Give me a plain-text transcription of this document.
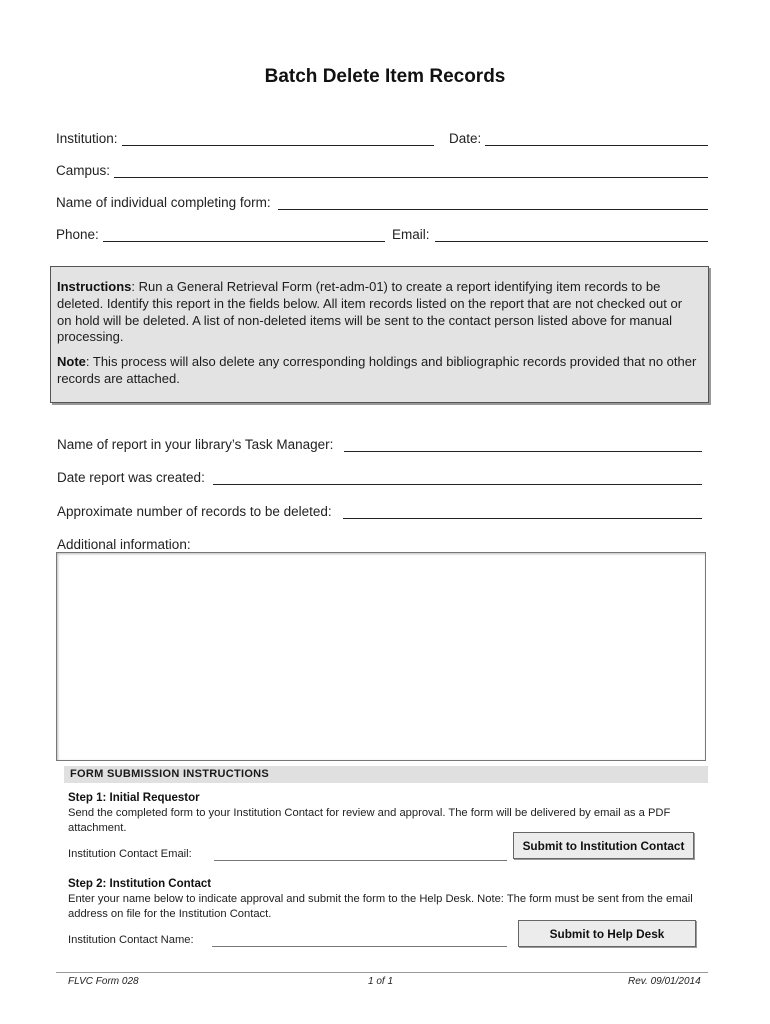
Batch Delete Item Records
Institution:	Date:
Campus:
Name of individual completing form:
Phone:	Email:

Instructions: Run a General Retrieval Form (ret-adm-01) to create a report identifying item records to be deleted. Identify this report in the fields below. All item records listed on the report that are not checked out or on hold will be deleted. A list of non-deleted items will be sent to the contact person listed above for manual processing.

Note: This process will also delete any corresponding holdings and bibliographic records provided that no other records are attached.

Name of report in your library’s Task Manager:
Date report was created:
Approximate number of records to be deleted:
Additional information:
FORM SUBMISSION INSTRUCTIONS
Step 1: Initial Requestor
Send the completed form to your Institution Contact for review and approval. The form will be delivered by email as a PDF attachment.
Institution Contact Email:
Submit to Institution Contact
Step 2: Institution Contact
Enter your name below to indicate approval and submit the form to the Help Desk. Note: The form must be sent from the email address on file for the Institution Contact.
Institution Contact Name:	Submit to Help Desk
FLVC Form 028	1 of 1	Rev. 09/01/2014
